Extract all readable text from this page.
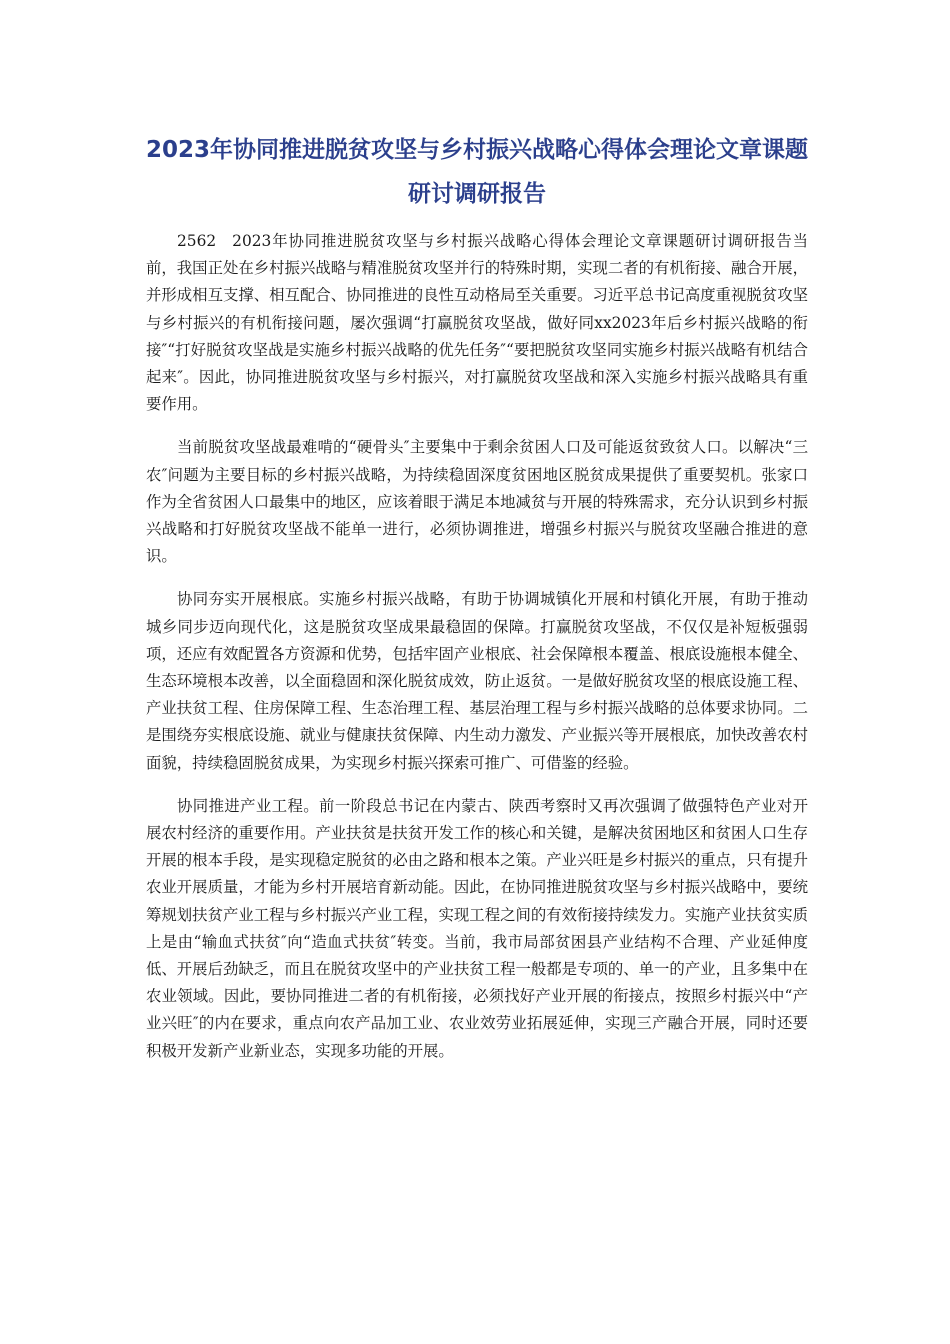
2023年协同推进脱贫攻坚与乡村振兴战略心得体会理论文章课题研讨调研报告

2562 2023年协同推进脱贫攻坚与乡村振兴战略心得体会理论文章课题研讨调研报告当前，我国正处在乡村振兴战略与精准脱贫攻坚并行的特殊时期，实现二者的有机衔接、融合开展，并形成相互支撑、相互配合、协同推进的良性互动格局至关重要。习近平总书记高度重视脱贫攻坚与乡村振兴的有机衔接问题，屡次强调“打赢脱贫攻坚战，做好同xx2023年后乡村振兴战略的衔接″“打好脱贫攻坚战是实施乡村振兴战略的优先任务″“要把脱贫攻坚同实施乡村振兴战略有机结合起来″。因此，协同推进脱贫攻坚与乡村振兴，对打赢脱贫攻坚战和深入实施乡村振兴战略具有重要作用。

当前脱贫攻坚战最难啃的“硬骨头″主要集中于剩余贫困人口及可能返贫致贫人口。以解决“三农″问题为主要目标的乡村振兴战略，为持续稳固深度贫困地区脱贫成果提供了重要契机。张家口作为全省贫困人口最集中的地区，应该着眼于满足本地减贫与开展的特殊需求，充分认识到乡村振兴战略和打好脱贫攻坚战不能单一进行，必须协调推进，增强乡村振兴与脱贫攻坚融合推进的意识。

协同夯实开展根底。实施乡村振兴战略，有助于协调城镇化开展和村镇化开展，有助于推动城乡同步迈向现代化，这是脱贫攻坚成果最稳固的保障。打赢脱贫攻坚战，不仅仅是补短板强弱项，还应有效配置各方资源和优势，包括牢固产业根底、社会保障根本覆盖、根底设施根本健全、生态环境根本改善，以全面稳固和深化脱贫成效，防止返贫。一是做好脱贫攻坚的根底设施工程、产业扶贫工程、住房保障工程、生态治理工程、基层治理工程与乡村振兴战略的总体要求协同。二是围绕夯实根底设施、就业与健康扶贫保障、内生动力激发、产业振兴等开展根底，加快改善农村面貌，持续稳固脱贫成果，为实现乡村振兴探索可推广、可借鉴的经验。

协同推进产业工程。前一阶段总书记在内蒙古、陕西考察时又再次强调了做强特色产业对开展农村经济的重要作用。产业扶贫是扶贫开发工作的核心和关键，是解决贫困地区和贫困人口生存开展的根本手段，是实现稳定脱贫的必由之路和根本之策。产业兴旺是乡村振兴的重点，只有提升农业开展质量，才能为乡村开展培育新动能。因此，在协同推进脱贫攻坚与乡村振兴战略中，要统筹规划扶贫产业工程与乡村振兴产业工程，实现工程之间的有效衔接持续发力。实施产业扶贫实质上是由“输血式扶贫″向“造血式扶贫″转变。当前，我市局部贫困县产业结构不合理、产业延伸度低、开展后劲缺乏，而且在脱贫攻坚中的产业扶贫工程一般都是专项的、单一的产业，且多集中在农业领域。因此，要协同推进二者的有机衔接，必须找好产业开展的衔接点，按照乡村振兴中“产业兴旺″的内在要求，重点向农产品加工业、农业效劳业拓展延伸，实现三产融合开展，同时还要积极开发新产业新业态，实现多功能的开展。
